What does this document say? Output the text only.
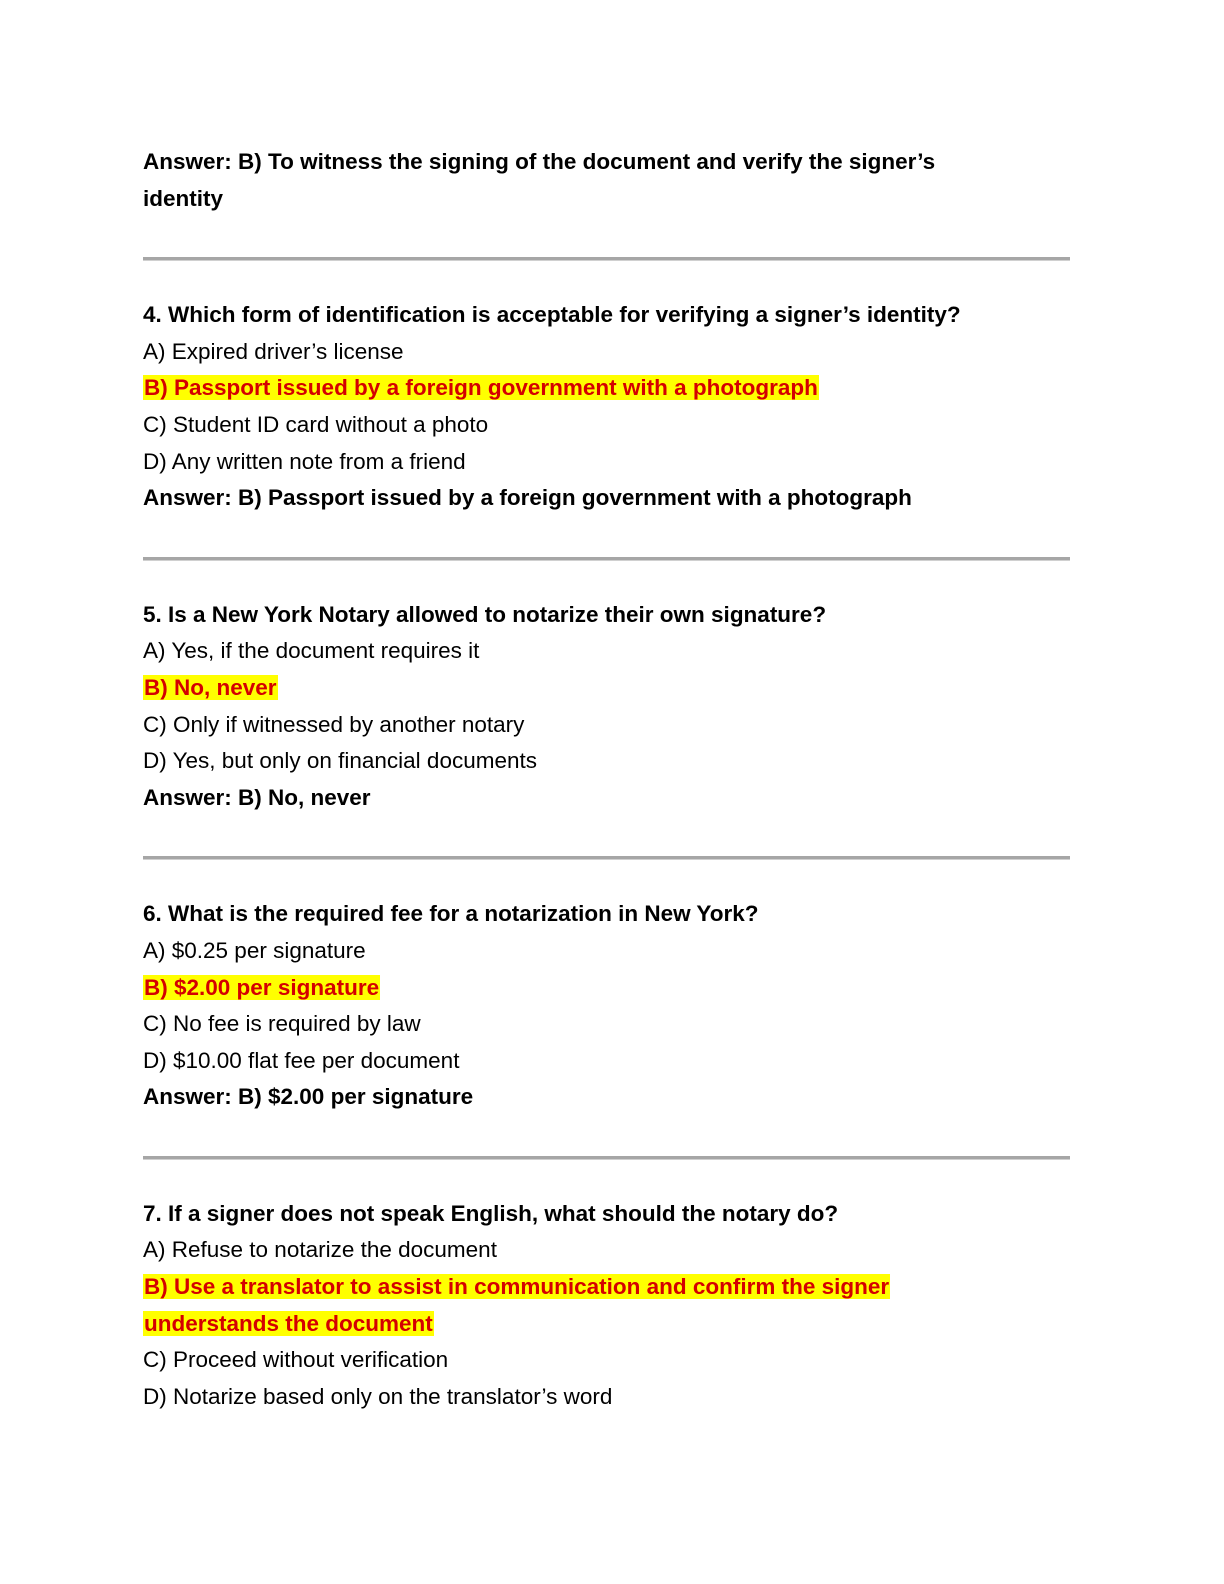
Answer: B) To witness the signing of the document and verify the signer’s
identity
4. Which form of identification is acceptable for verifying a signer’s identity?
A) Expired driver’s license
B) Passport issued by a foreign government with a photograph
C) Student ID card without a photo
D) Any written note from a friend
Answer: B) Passport issued by a foreign government with a photograph
5. Is a New York Notary allowed to notarize their own signature?
A) Yes, if the document requires it
B) No, never
C) Only if witnessed by another notary
D) Yes, but only on financial documents
Answer: B) No, never
6. What is the required fee for a notarization in New York?
A) $0.25 per signature
B) $2.00 per signature
C) No fee is required by law
D) $10.00 flat fee per document
Answer: B) $2.00 per signature
7. If a signer does not speak English, what should the notary do?
A) Refuse to notarize the document
B) Use a translator to assist in communication and confirm the signer
understands the document
C) Proceed without verification
D) Notarize based only on the translator’s word
